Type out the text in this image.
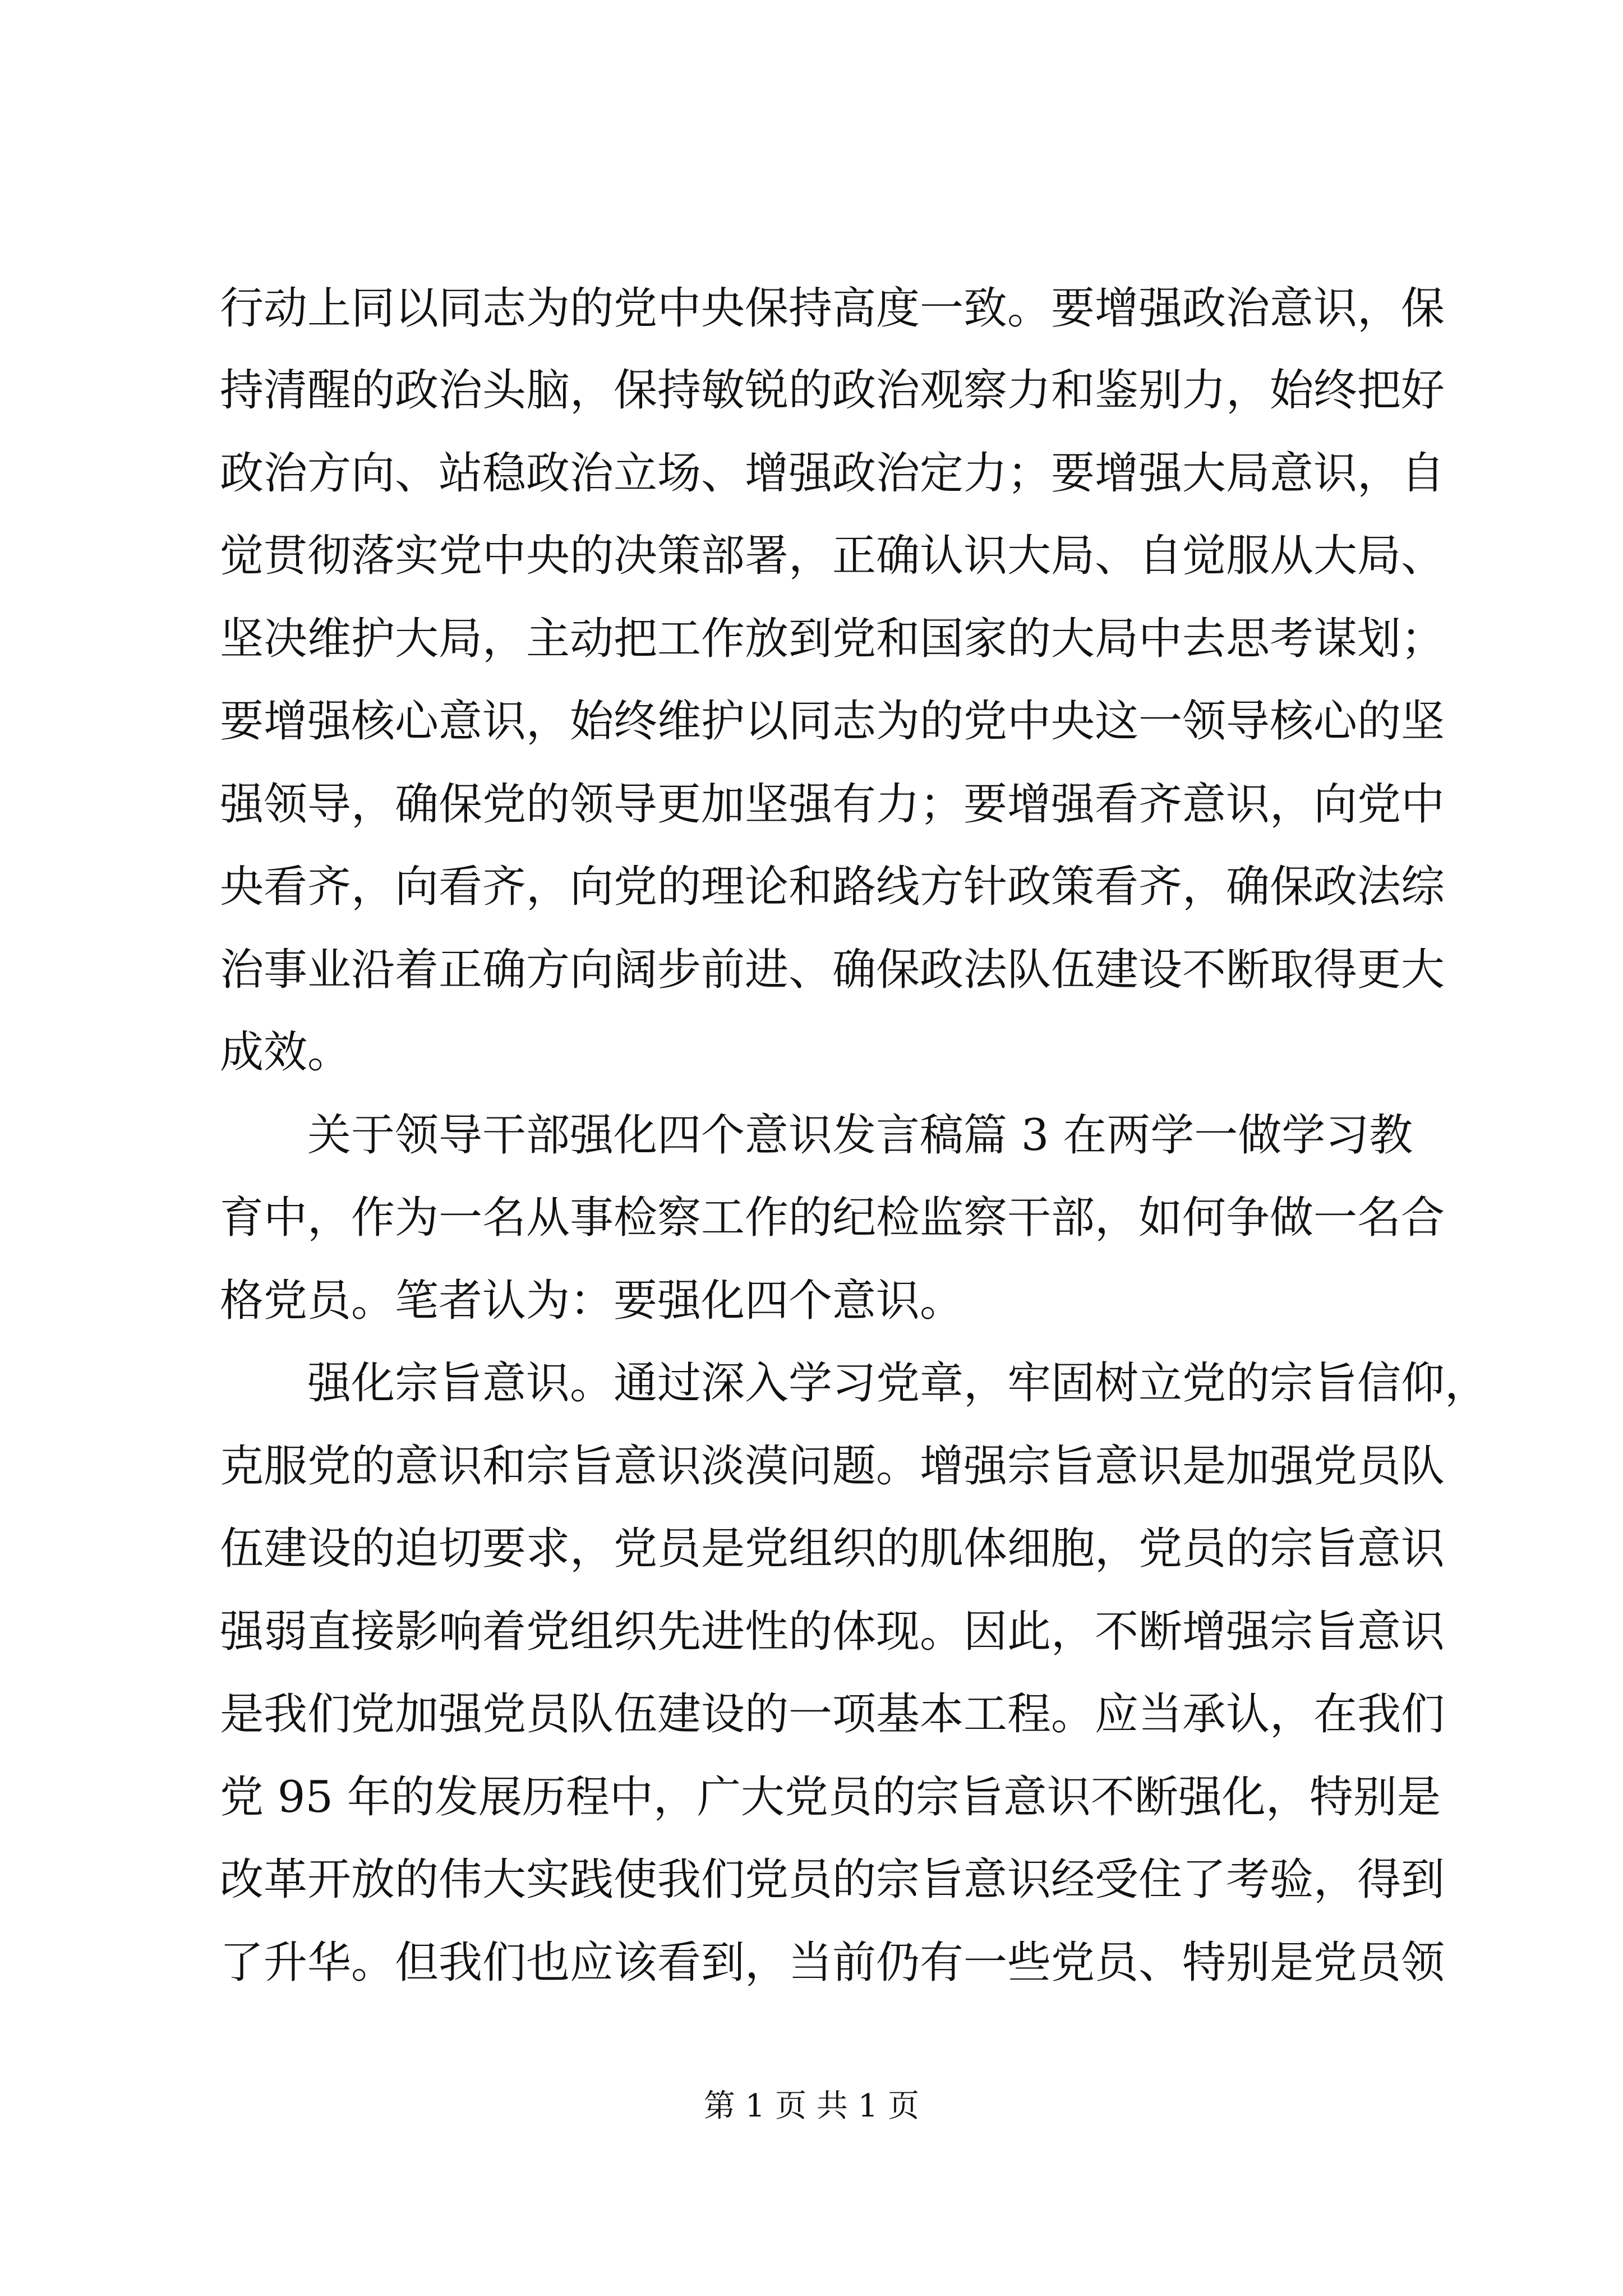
行动上同以同志为的党中央保持高度一致。要增强政治意识，保
持清醒的政治头脑，保持敏锐的政治观察力和鉴别力，始终把好
政治方向、站稳政治立场、增强政治定力；要增强大局意识，自
觉贯彻落实党中央的决策部署，正确认识大局、自觉服从大局、
坚决维护大局，主动把工作放到党和国家的大局中去思考谋划；
要增强核心意识，始终维护以同志为的党中央这一领导核心的坚
强领导，确保党的领导更加坚强有力；要增强看齐意识，向党中
央看齐，向看齐，向党的理论和路线方针政策看齐，确保政法综
治事业沿着正确方向阔步前进、确保政法队伍建设不断取得更大
成效。
关于领导干部强化四个意识发言稿篇 3 在两学一做学习教
育中，作为一名从事检察工作的纪检监察干部，如何争做一名合
格党员。笔者认为：要强化四个意识。
强化宗旨意识。通过深入学习党章，牢固树立党的宗旨信仰，
克服党的意识和宗旨意识淡漠问题。增强宗旨意识是加强党员队
伍建设的迫切要求，党员是党组织的肌体细胞，党员的宗旨意识
强弱直接影响着党组织先进性的体现。因此，不断增强宗旨意识
是我们党加强党员队伍建设的一项基本工程。应当承认，在我们
党 95 年的发展历程中，广大党员的宗旨意识不断强化，特别是
改革开放的伟大实践使我们党员的宗旨意识经受住了考验，得到
了升华。但我们也应该看到，当前仍有一些党员、特别是党员领
第 1 页 共 1 页
